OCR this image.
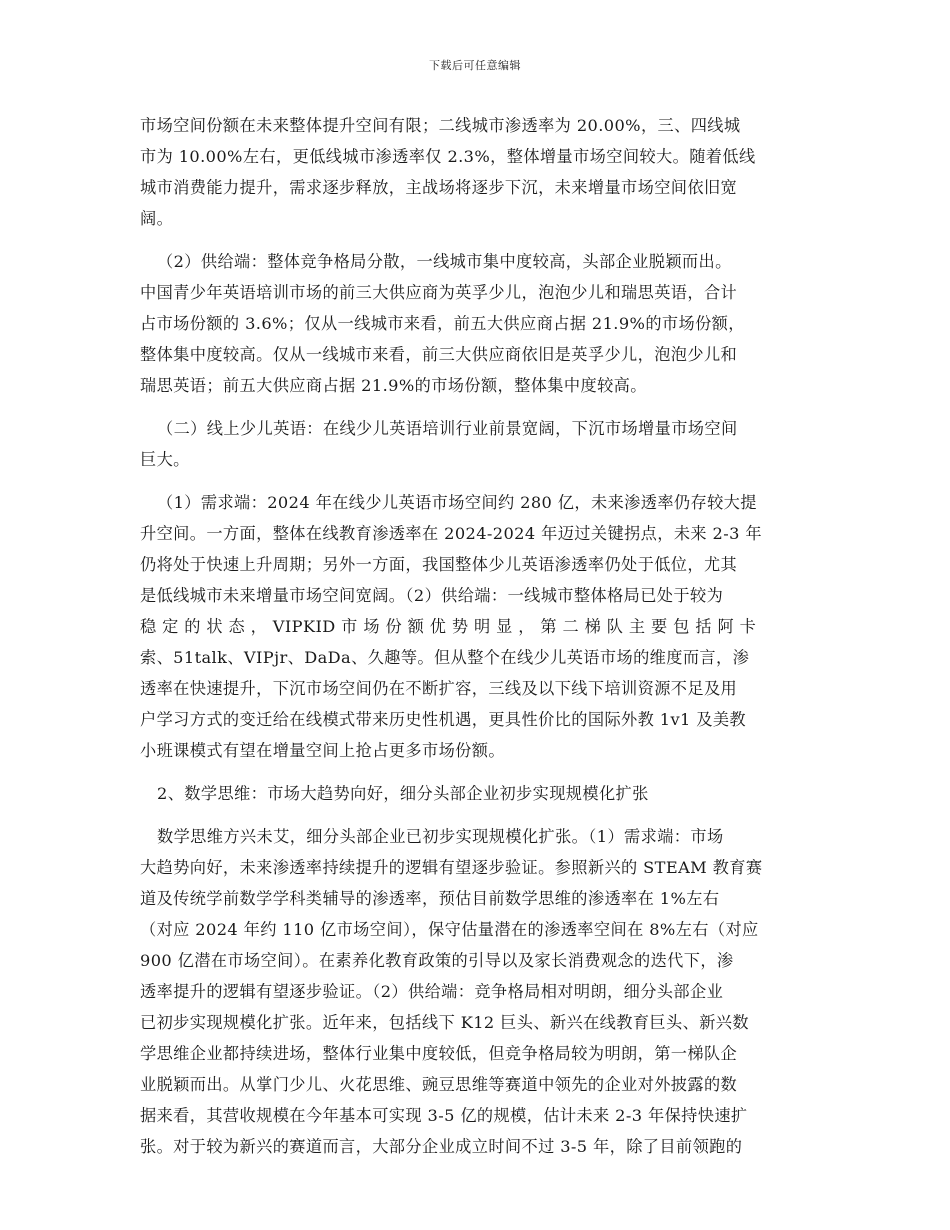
下载后可任意编辑
市场空间份额在未来整体提升空间有限；二线城市渗透率为 20.00%，三、四线城
市为 10.00%左右，更低线城市渗透率仅 2.3%，整体增量市场空间较大。随着低线
城市消费能力提升，需求逐步释放，主战场将逐步下沉，未来增量市场空间依旧宽
阔。
（2）供给端：整体竞争格局分散，一线城市集中度较高，头部企业脱颖而出。
中国青少年英语培训市场的前三大供应商为英孚少儿，泡泡少儿和瑞思英语，合计
占市场份额的 3.6%；仅从一线城市来看，前五大供应商占据 21.9%的市场份额，
整体集中度较高。仅从一线城市来看，前三大供应商依旧是英孚少儿，泡泡少儿和
瑞思英语；前五大供应商占据 21.9%的市场份额，整体集中度较高。
（二）线上少儿英语：在线少儿英语培训行业前景宽阔，下沉市场增量市场空间
巨大。
（1）需求端：2024 年在线少儿英语市场空间约 280 亿，未来渗透率仍存较大提
升空间。一方面，整体在线教育渗透率在 2024-2024 年迈过关键拐点，未来 2-3 年
仍将处于快速上升周期；另外一方面，我国整体少儿英语渗透率仍处于低位，尤其
是低线城市未来增量市场空间宽阔。（2）供给端：一线城市整体格局已处于较为
稳 定 的 状 态 ， VIPKID 市 场 份 额 优 势 明 显 ， 第 二 梯 队 主 要 包 括 阿 卡
索、51talk、VIPjr、DaDa、久趣等。但从整个在线少儿英语市场的维度而言，渗
透率在快速提升，下沉市场空间仍在不断扩容，三线及以下线下培训资源不足及用
户学习方式的变迁给在线模式带来历史性机遇，更具性价比的国际外教 1v1 及美教
小班课模式有望在增量空间上抢占更多市场份额。
2、数学思维：市场大趋势向好，细分头部企业初步实现规模化扩张
数学思维方兴未艾，细分头部企业已初步实现规模化扩张。（1）需求端：市场
大趋势向好，未来渗透率持续提升的逻辑有望逐步验证。参照新兴的 STEAM 教育赛
道及传统学前数学学科类辅导的渗透率，预估目前数学思维的渗透率在 1%左右
（对应 2024 年约 110 亿市场空间），保守估量潜在的渗透率空间在 8%左右（对应
900 亿潜在市场空间）。在素养化教育政策的引导以及家长消费观念的迭代下，渗
透率提升的逻辑有望逐步验证。（2）供给端：竞争格局相对明朗，细分头部企业
已初步实现规模化扩张。近年来，包括线下 K12 巨头、新兴在线教育巨头、新兴数
学思维企业都持续进场，整体行业集中度较低，但竞争格局较为明朗，第一梯队企
业脱颖而出。从掌门少儿、火花思维、豌豆思维等赛道中领先的企业对外披露的数
据来看，其营收规模在今年基本可实现 3-5 亿的规模，估计未来 2-3 年保持快速扩
张。对于较为新兴的赛道而言，大部分企业成立时间不过 3-5 年，除了目前领跑的
